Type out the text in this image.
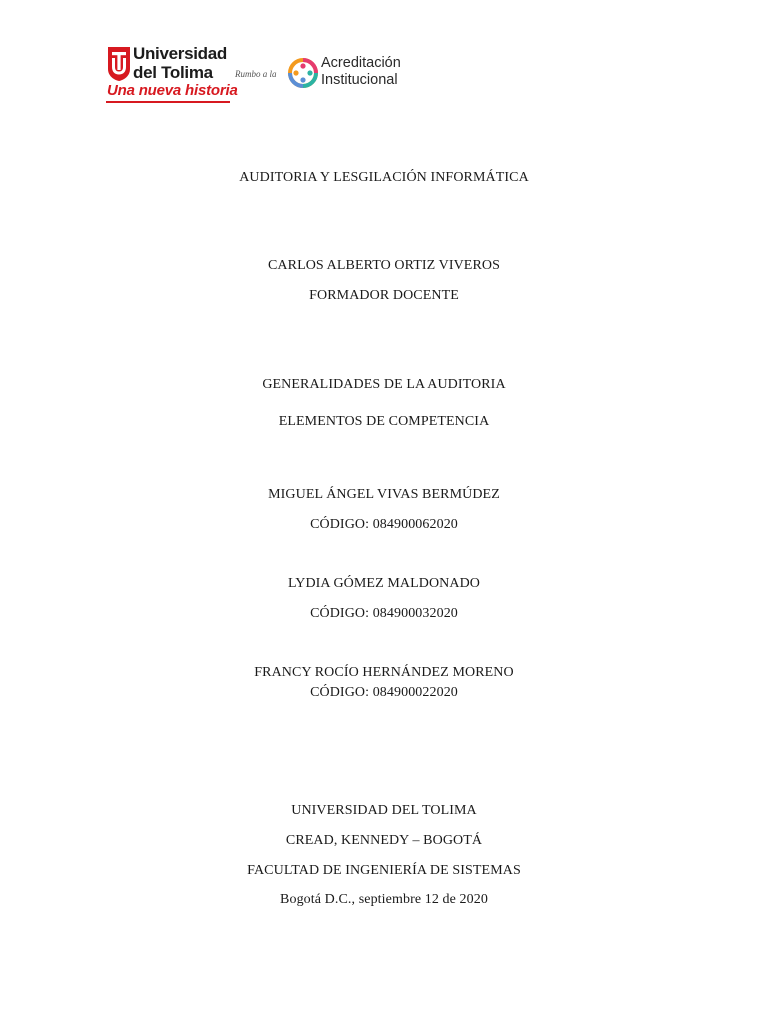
Universidad
del Tolima
Una nueva historia
Rumbo a la
Acreditación
Institucional
AUDITORIA Y LESGILACIÓN INFORMÁTICA
CARLOS ALBERTO ORTIZ VIVEROS
FORMADOR DOCENTE
GENERALIDADES DE LA AUDITORIA
ELEMENTOS DE COMPETENCIA
MIGUEL ÁNGEL VIVAS BERMÚDEZ
CÓDIGO: 084900062020
LYDIA GÓMEZ MALDONADO
CÓDIGO: 084900032020
FRANCY ROCÍO HERNÁNDEZ MORENO
CÓDIGO: 084900022020
UNIVERSIDAD DEL TOLIMA
CREAD, KENNEDY – BOGOTÁ
FACULTAD DE INGENIERÍA DE SISTEMAS
Bogotá D.C., septiembre 12 de 2020
